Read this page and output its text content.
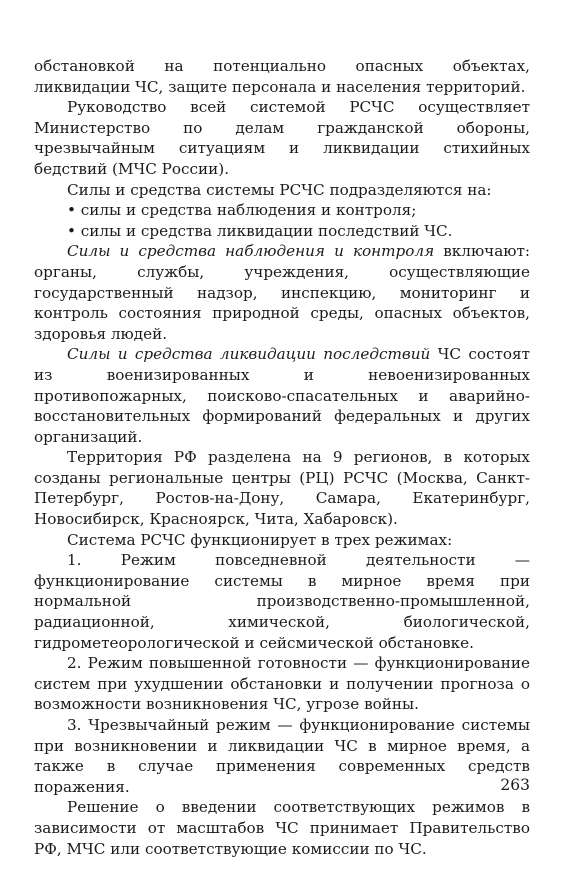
обстановкой на потенциально опасных объектах, ликвидации ЧС, защите персонала и населения территорий.

Руководство всей системой РСЧС осуществляет Министерство по делам гражданской обороны, чрезвычайным ситуациям и ликвидации стихийных бедствий (МЧС России).

Силы и средства системы РСЧС подразделяются на:

• силы и средства наблюдения и контроля;

• силы и средства ликвидации последствий ЧС.

Силы и средства наблюдения и контроля включают: органы, службы, учреждения, осуществляющие государственный надзор, инспекцию, мониторинг и контроль состояния природной среды, опасных объектов, здоровья людей.

Силы и средства ликвидации последствий ЧС состоят из военизированных и невоенизированных противопожарных, поисково-спасательных и аварийно-восстановительных формирований федеральных и других организаций.

Территория РФ разделена на 9 регионов, в которых созданы региональные центры (РЦ) РСЧС (Москва, Санкт-Петербург, Ростов-на-Дону, Самара, Екатеринбург, Новосибирск, Красноярск, Чита, Хабаровск).

Система РСЧС функционирует в трех режимах:

1. Режим повседневной деятельности — функционирование системы в мирное время при нормальной производственно-промышленной, радиационной, химической, биологической, гидрометеорологической и сейсмической обстановке.

2. Режим повышенной готовности — функционирование систем при ухудшении обстановки и получении прогноза о возможности возникновения ЧС, угрозе войны.

3. Чрезвычайный режим — функционирование системы при возникновении и ликвидации ЧС в мирное время, а также в случае применения современных средств поражения.

Решение о введении соответствующих режимов в зависимости от масштабов ЧС принимает Правительство РФ, МЧС или соответствующие комиссии по ЧС.

263
